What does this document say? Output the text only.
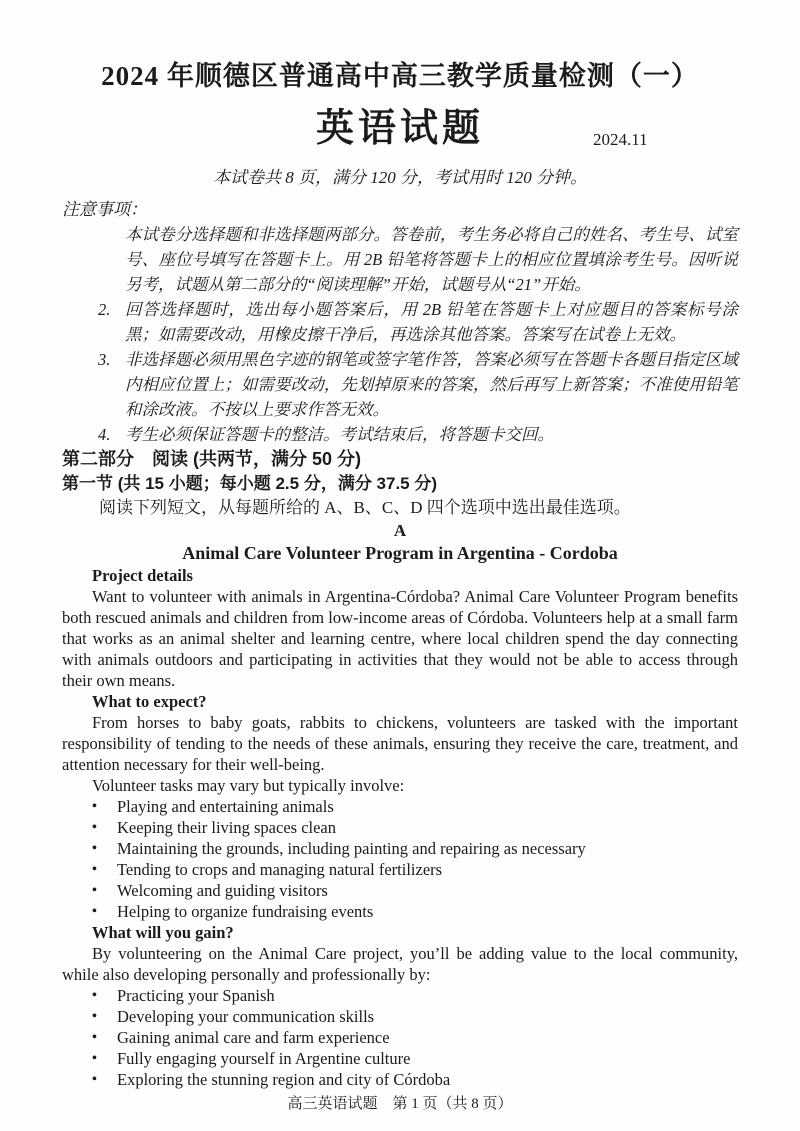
2024 年顺德区普通高中高三教学质量检测（一）
英语试题	2024.11
本试卷共 8 页，满分 120 分，考试用时 120 分钟。
注意事项：
本试卷分选择题和非选择题两部分。答卷前，考生务必将自己的姓名、考生号、试室号、座位号填写在答题卡上。用 2B 铅笔将答题卡上的相应位置填涂考生号。因听说另考，试题从第二部分的“阅读理解”开始，试题号从“21”开始。
2. 回答选择题时，选出每小题答案后，用 2B 铅笔在答题卡上对应题目的答案标号涂黑；如需要改动，用橡皮擦干净后，再选涂其他答案。答案写在试卷上无效。
3. 非选择题必须用黑色字迹的钢笔或签字笔作答，答案必须写在答题卡各题目指定区域内相应位置上；如需要改动，先划掉原来的答案，然后再写上新答案；不准使用铅笔和涂改液。不按以上要求作答无效。
4. 考生必须保证答题卡的整洁。考试结束后，将答题卡交回。
第二部分　阅读 (共两节，满分 50 分)
第一节 (共 15 小题；每小题 2.5 分，满分 37.5 分)
阅读下列短文，从每题所给的 A、B、C、D 四个选项中选出最佳选项。
A
Animal Care Volunteer Program in Argentina - Cordoba
Project details
Want to volunteer with animals in Argentina-Córdoba? Animal Care Volunteer Program benefits both rescued animals and children from low-income areas of Córdoba. Volunteers help at a small farm that works as an animal shelter and learning centre, where local children spend the day connecting with animals outdoors and participating in activities that they would not be able to access through their own means.
What to expect?
From horses to baby goats, rabbits to chickens, volunteers are tasked with the important responsibility of tending to the needs of these animals, ensuring they receive the care, treatment, and attention necessary for their well-being.
Volunteer tasks may vary but typically involve:
•	Playing and entertaining animals
•	Keeping their living spaces clean
•	Maintaining the grounds, including painting and repairing as necessary
•	Tending to crops and managing natural fertilizers
•	Welcoming and guiding visitors
•	Helping to organize fundraising events
What will you gain?
By volunteering on the Animal Care project, you’ll be adding value to the local community, while also developing personally and professionally by:
•	Practicing your Spanish
•	Developing your communication skills
•	Gaining animal care and farm experience
•	Fully engaging yourself in Argentine culture
•	Exploring the stunning region and city of Córdoba
高三英语试题　第 1 页（共 8 页）
